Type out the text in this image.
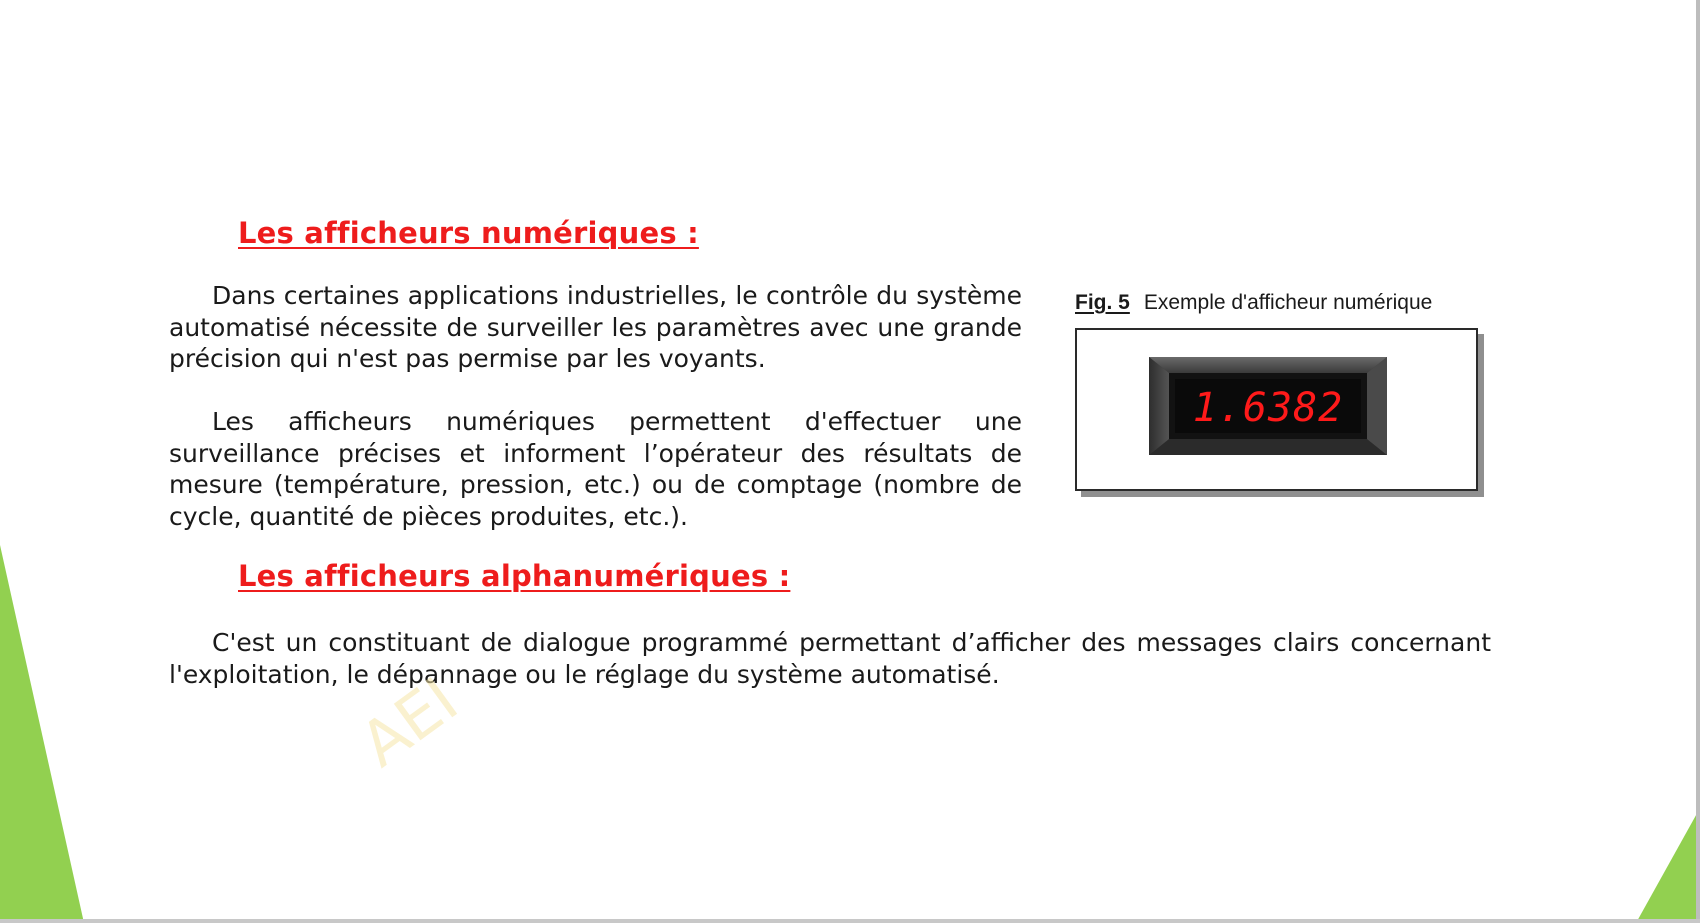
Les afficheurs numériques :

Dans certaines applications industrielles, le contrôle du système automatisé nécessite de surveiller les paramètres avec une grande précision qui n'est pas permise par les voyants.

Les afficheurs numériques permettent d'effectuer une surveillance précises et informent l’opérateur des résultats de mesure (température, pression, etc.) ou de comptage (nombre de cycle, quantité de pièces produites, etc.).

Fig. 5 Exemple d'afficheur numérique
1.6382
Les afficheurs alphanumériques :

C'est un constituant de dialogue programmé permettant d’afficher des messages clairs concernant l'exploitation, le dépannage ou le réglage du système automatisé.

AEI
